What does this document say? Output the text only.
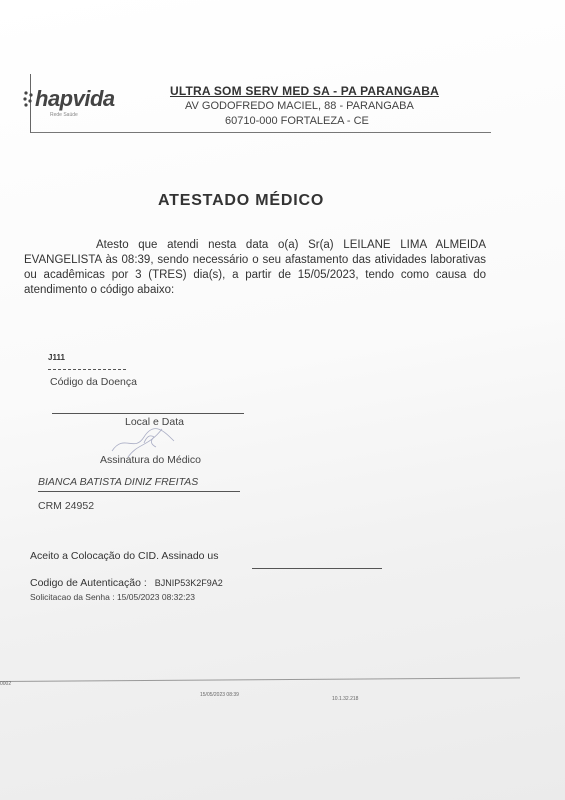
hapvida
Rede Saúde
ULTRA SOM SERV MED SA - PA PARANGABA
AV GODOFREDO MACIEL, 88 - PARANGABA
60710-000 FORTALEZA - CE
ATESTADO MÉDICO
Atesto que atendi nesta data o(a) Sr(a) LEILANE LIMA ALMEIDA EVANGELISTA às 08:39, sendo necessário o seu afastamento das atividades laborativas ou acadêmicas por 3 (TRES) dia(s), a partir de 15/05/2023, tendo como causa do atendimento o código abaixo:
J111
Código da Doença
Local e Data
Assinatura do Médico
BIANCA BATISTA DINIZ FREITAS
CRM 24952
Aceito a Colocação do CID. Assinado us
Codigo de Autenticação : BJNIP53K2F9A2
Solicitacao da Senha : 15/05/2023 08:32:23
0002
15/05/2023 08:39
10.1.32.218
